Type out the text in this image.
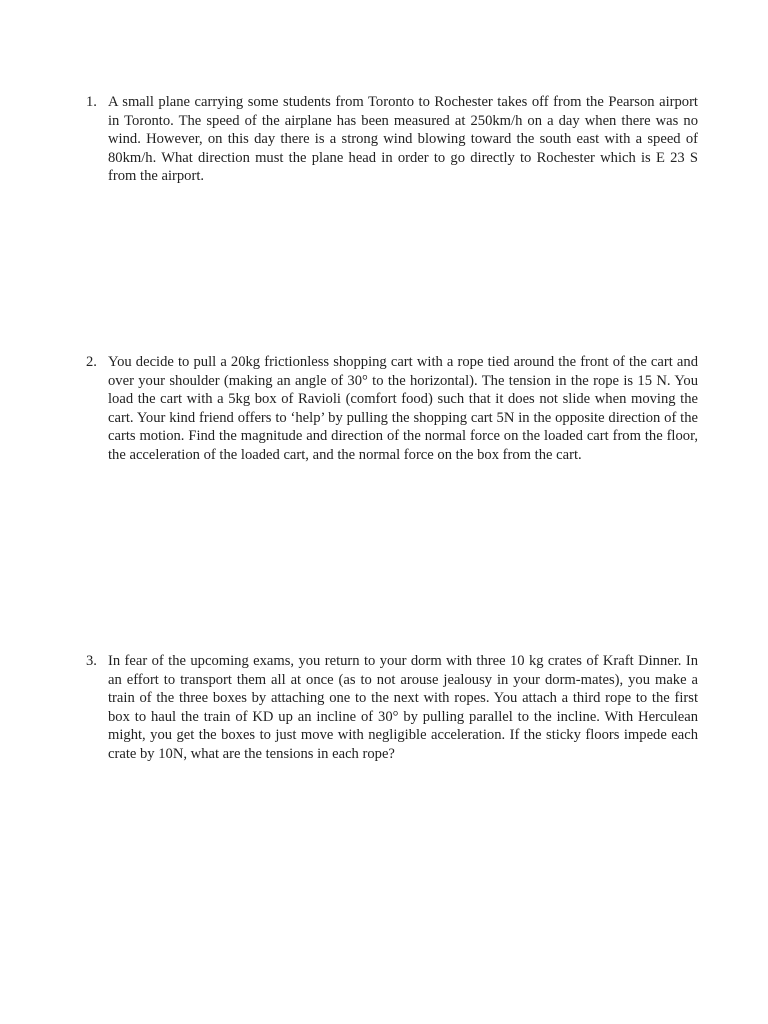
1. A small plane carrying some students from Toronto to Rochester takes off from the Pearson airport in Toronto. The speed of the airplane has been measured at 250km/h on a day when there was no wind. However, on this day there is a strong wind blowing toward the south east with a speed of 80km/h. What direction must the plane head in order to go directly to Rochester which is E 23 S from the airport.
2. You decide to pull a 20kg frictionless shopping cart with a rope tied around the front of the cart and over your shoulder (making an angle of 30° to the horizontal). The tension in the rope is 15 N. You load the cart with a 5kg box of Ravioli (comfort food) such that it does not slide when moving the cart. Your kind friend offers to ‘help’ by pulling the shopping cart 5N in the opposite direction of the carts motion. Find the magnitude and direction of the normal force on the loaded cart from the floor, the acceleration of the loaded cart, and the normal force on the box from the cart.
3. In fear of the upcoming exams, you return to your dorm with three 10 kg crates of Kraft Dinner. In an effort to transport them all at once (as to not arouse jealousy in your dorm-mates), you make a train of the three boxes by attaching one to the next with ropes. You attach a third rope to the first box to haul the train of KD up an incline of 30° by pulling parallel to the incline. With Herculean might, you get the boxes to just move with negligible acceleration. If the sticky floors impede each crate by 10N, what are the tensions in each rope?
